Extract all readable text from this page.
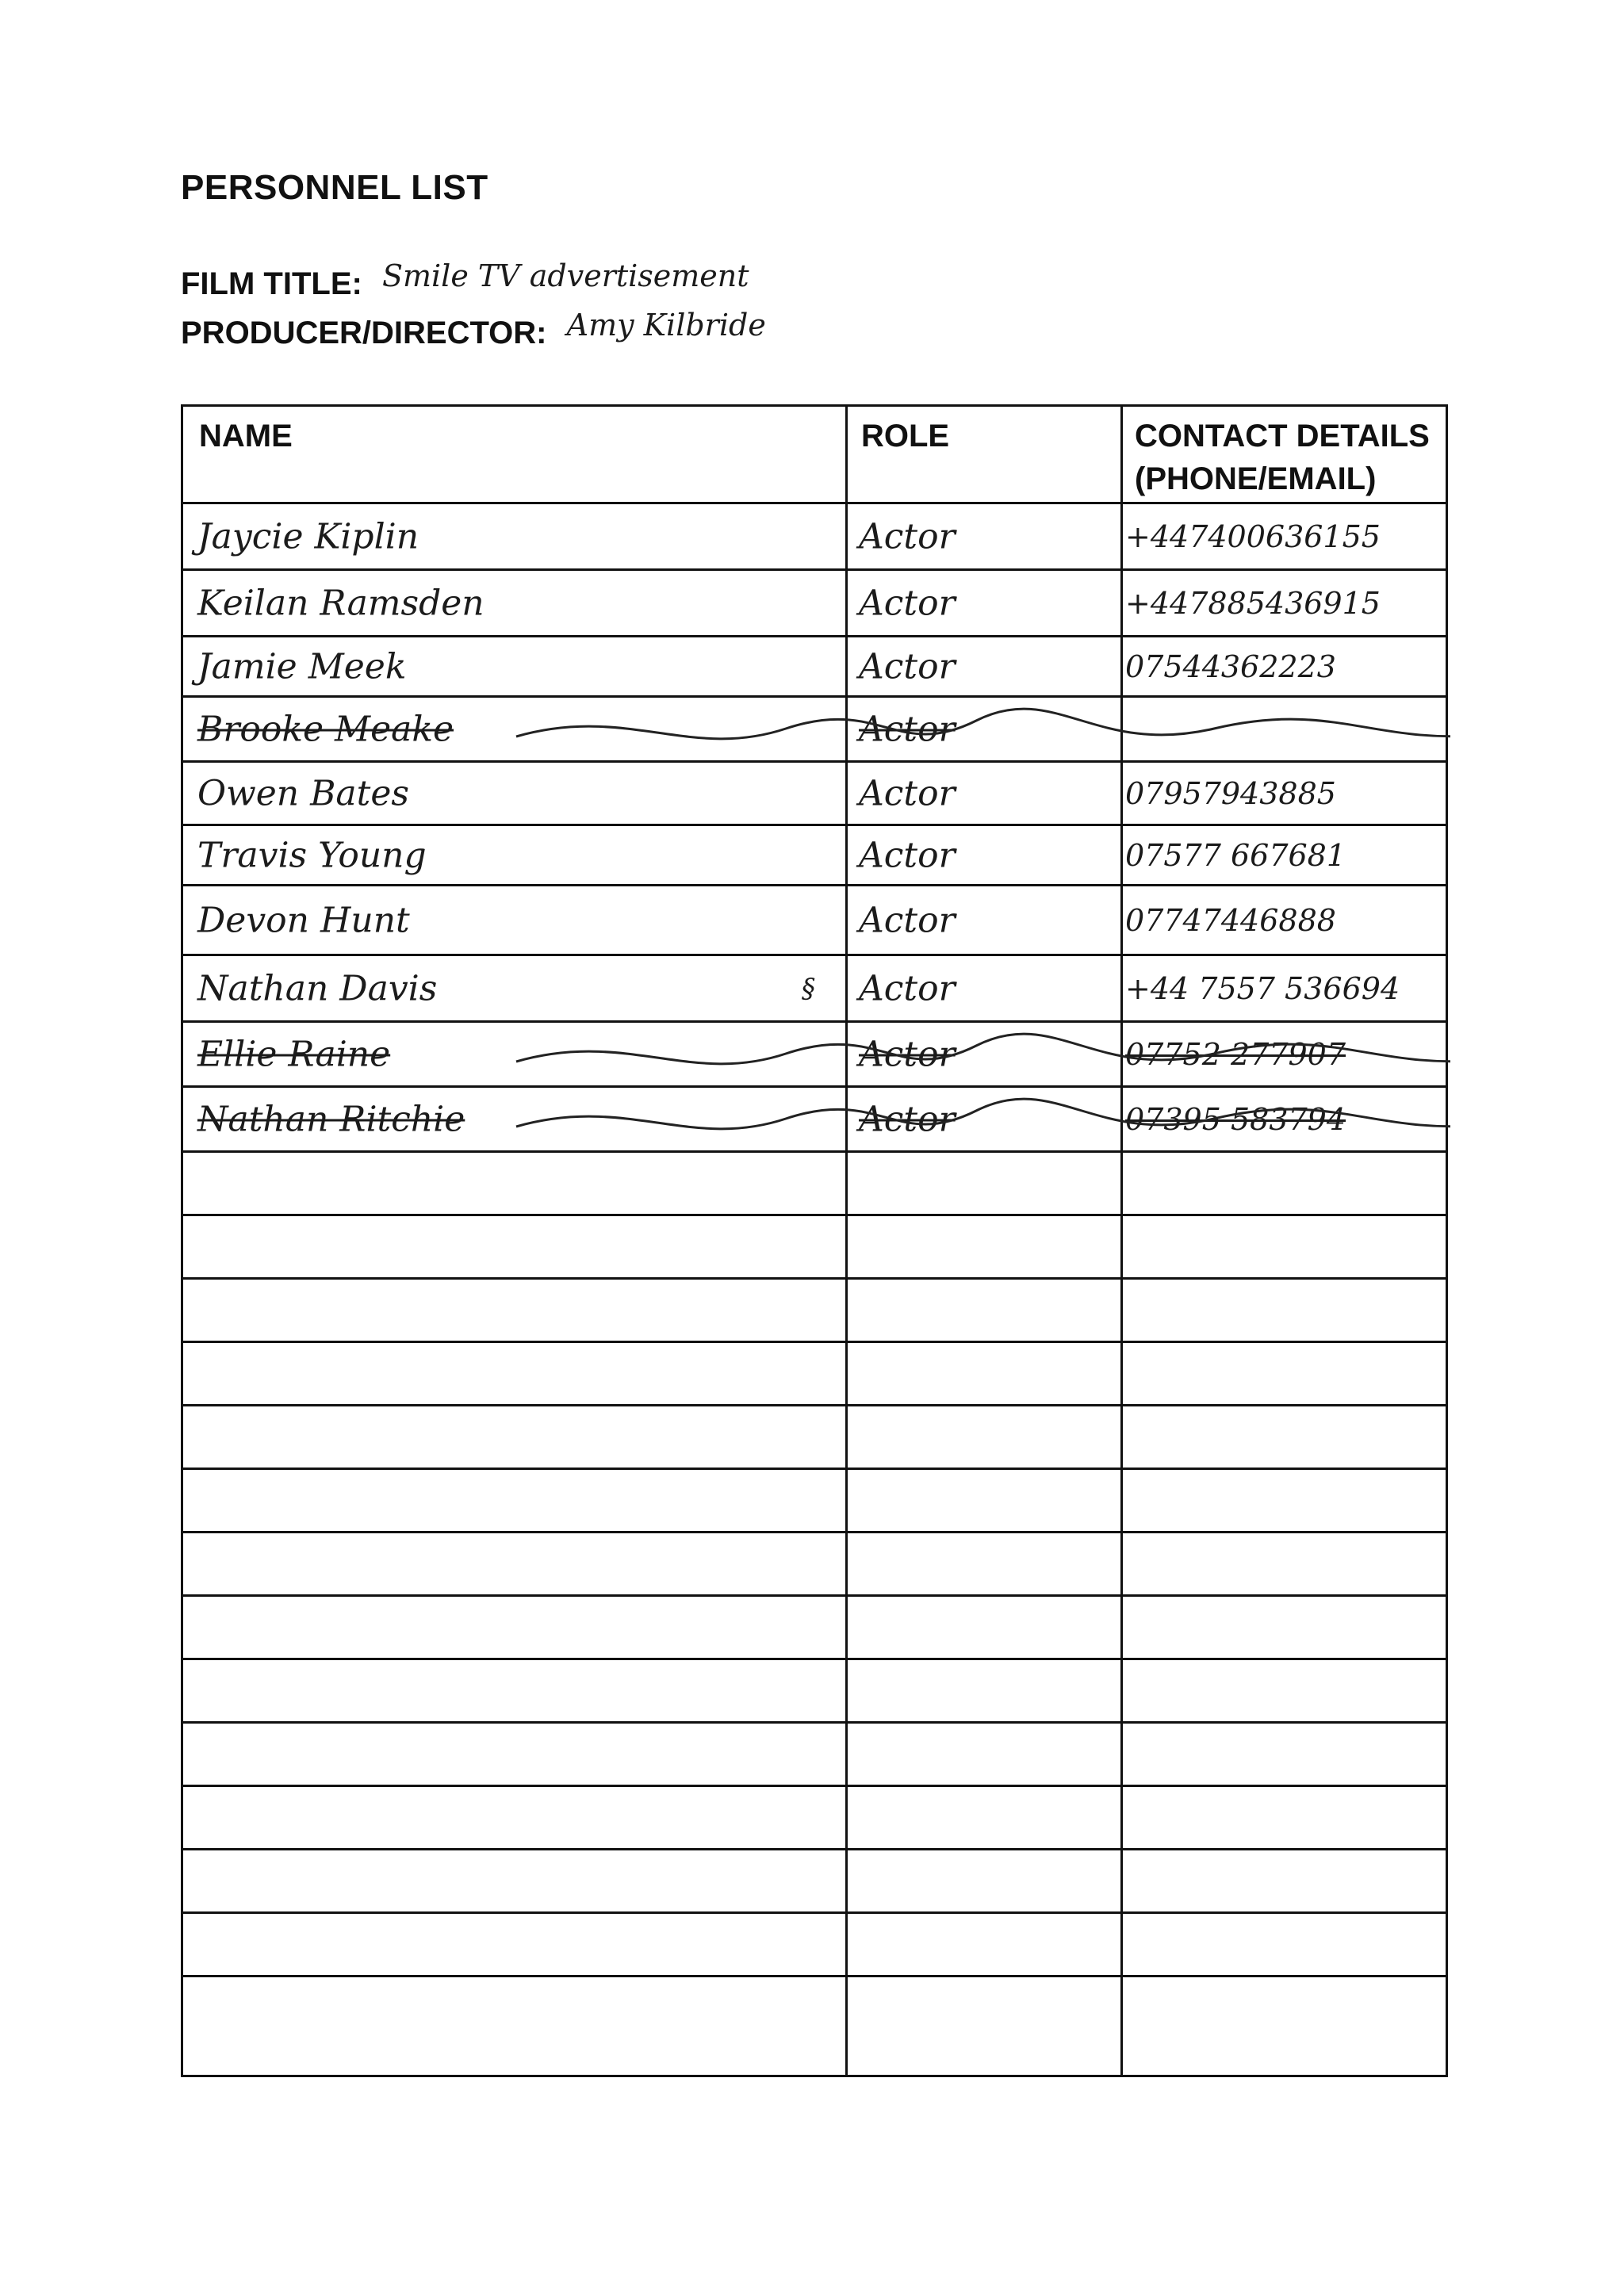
PERSONNEL LIST
FILM TITLE: Smile TV advertisement
PRODUCER/DIRECTOR: Amy Kilbride
NAME	ROLE	CONTACT DETAILS (PHONE/EMAIL)
Jaycie Kiplin	Actor	+447400636155
Keilan Ramsden	Actor	+447885436915
Jamie Meek	Actor	07544362223
Brooke Meake	Actor
Owen Bates	Actor	07957943885
Travis Young	Actor	07577 667681
Devon Hunt	Actor	07747446888
Nathan Davis	Actor	+44 7557 536694
§
Ellie Raine	Actor	07752 277907
Nathan Ritchie	Actor	07395 583794
